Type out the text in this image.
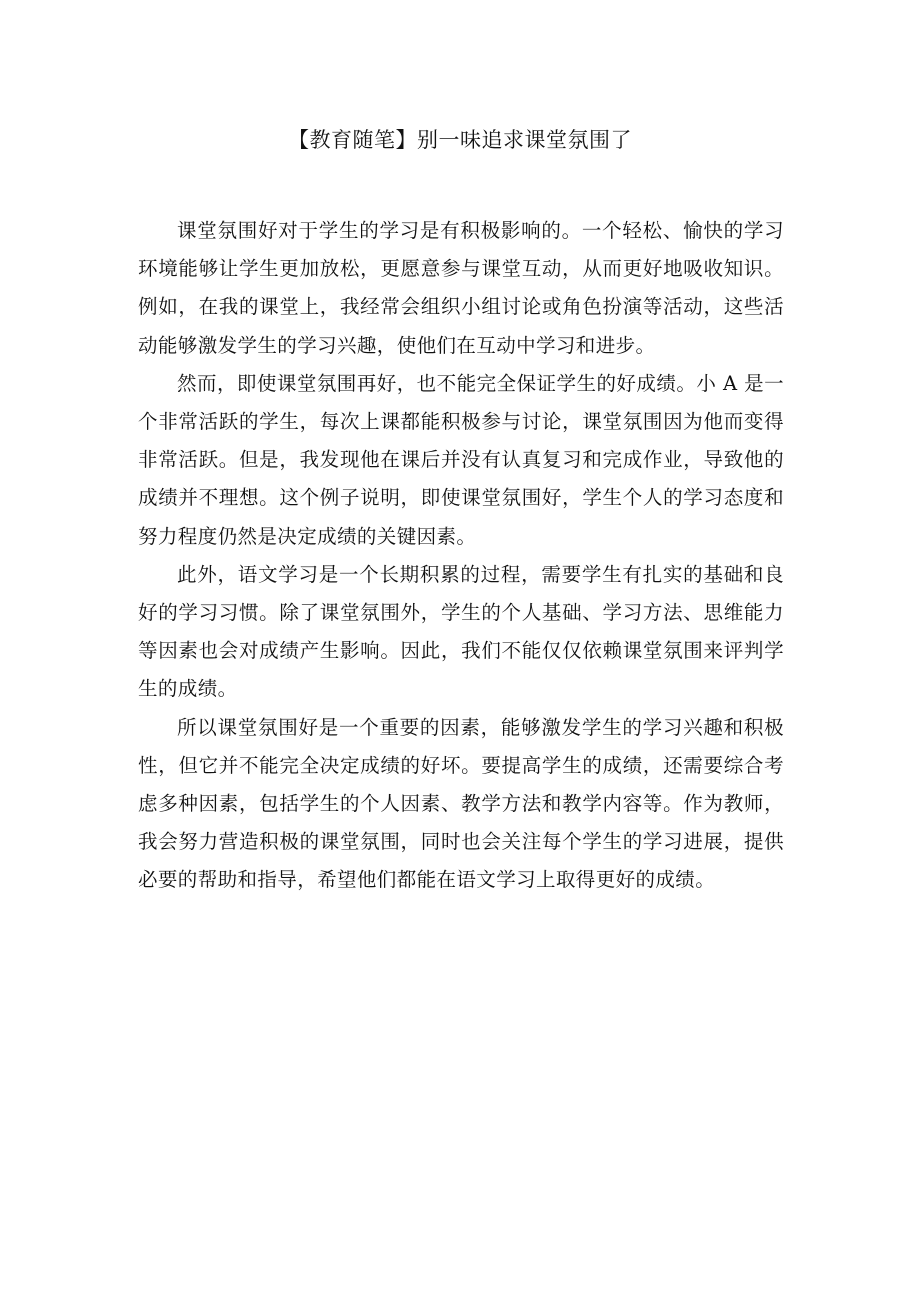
【教育随笔】别一味追求课堂氛围了

课堂氛围好对于学生的学习是有积极影响的。一个轻松、愉快的学习环境能够让学生更加放松，更愿意参与课堂互动，从而更好地吸收知识。例如，在我的课堂上，我经常会组织小组讨论或角色扮演等活动，这些活动能够激发学生的学习兴趣，使他们在互动中学习和进步。

然而，即使课堂氛围再好，也不能完全保证学生的好成绩。小 A 是一个非常活跃的学生，每次上课都能积极参与讨论，课堂氛围因为他而变得非常活跃。但是，我发现他在课后并没有认真复习和完成作业，导致他的成绩并不理想。这个例子说明，即使课堂氛围好，学生个人的学习态度和努力程度仍然是决定成绩的关键因素。

此外，语文学习是一个长期积累的过程，需要学生有扎实的基础和良好的学习习惯。除了课堂氛围外，学生的个人基础、学习方法、思维能力等因素也会对成绩产生影响。因此，我们不能仅仅依赖课堂氛围来评判学生的成绩。

所以课堂氛围好是一个重要的因素，能够激发学生的学习兴趣和积极性，但它并不能完全决定成绩的好坏。要提高学生的成绩，还需要综合考虑多种因素，包括学生的个人因素、教学方法和教学内容等。作为教师，我会努力营造积极的课堂氛围，同时也会关注每个学生的学习进展，提供必要的帮助和指导，希望他们都能在语文学习上取得更好的成绩。
